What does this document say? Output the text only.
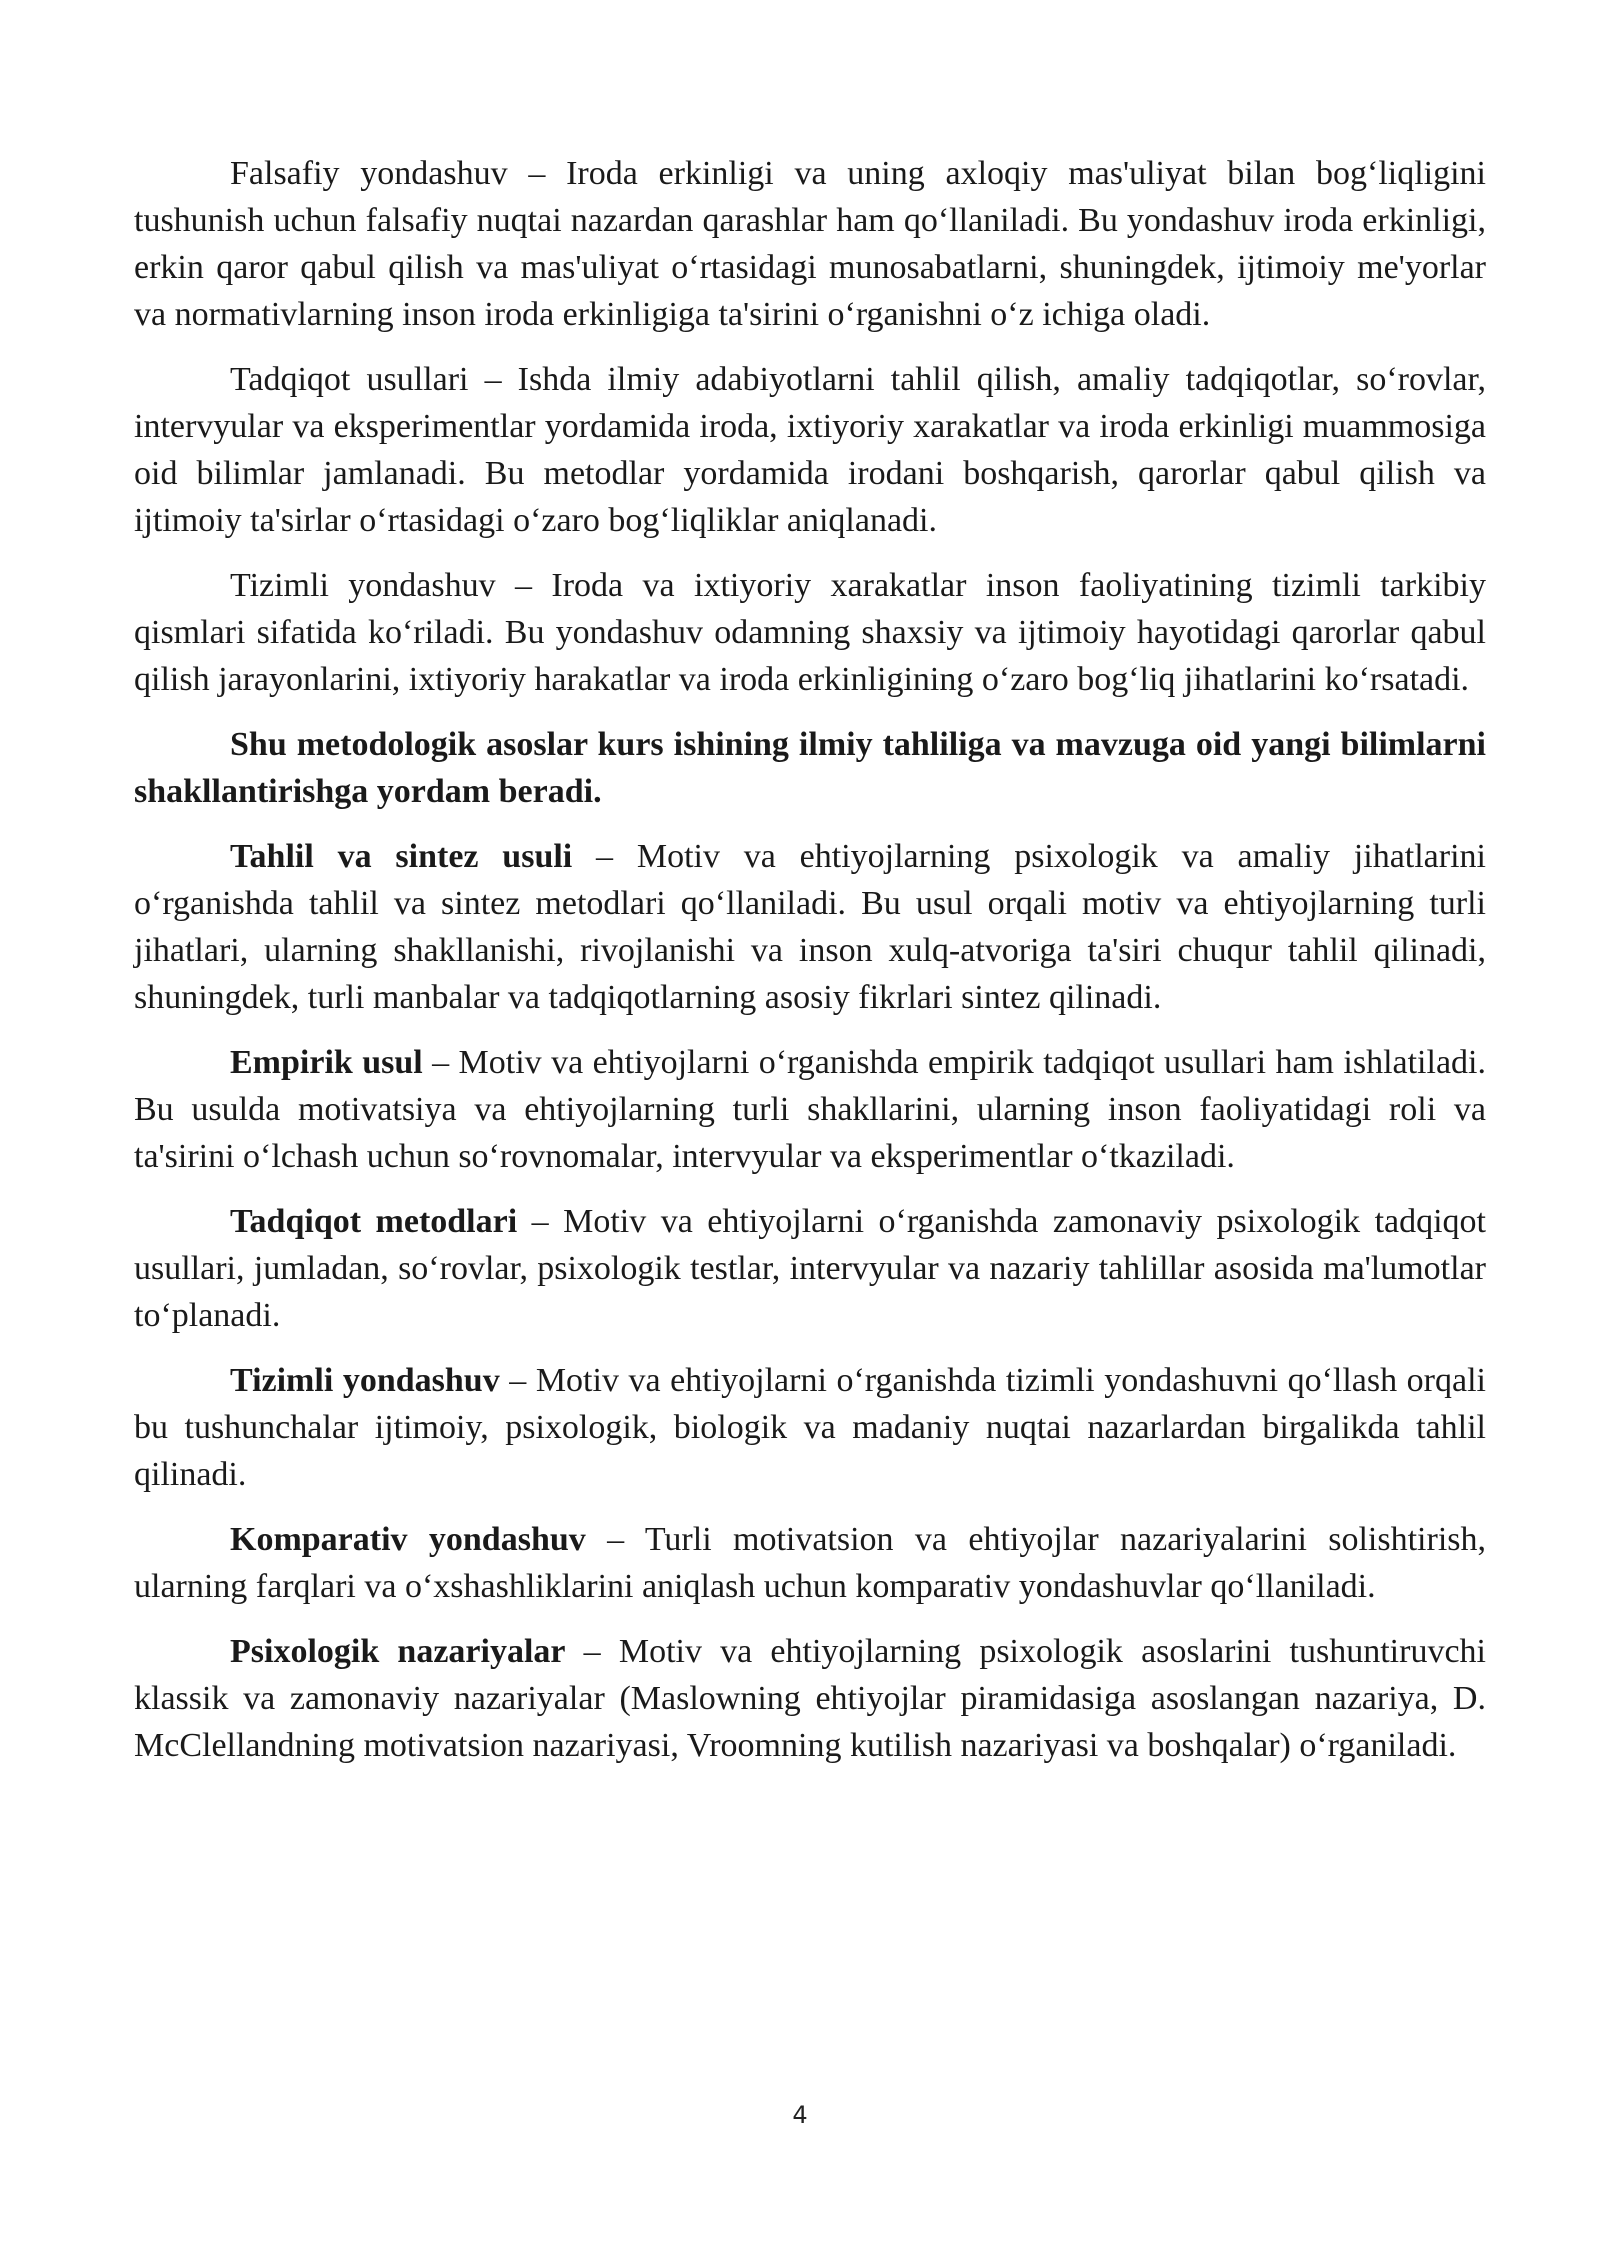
Falsafiy yondashuv – Iroda erkinligi va uning axloqiy mas'uliyat bilan bog‘liqligini tushunish uchun falsafiy nuqtai nazardan qarashlar ham qo‘llaniladi. Bu yondashuv iroda erkinligi, erkin qaror qabul qilish va mas'uliyat o‘rtasidagi munosabatlarni, shuningdek, ijtimoiy me'yorlar va normativlarning inson iroda erkinligiga ta'sirini o‘rganishni o‘z ichiga oladi.

Tadqiqot usullari – Ishda ilmiy adabiyotlarni tahlil qilish, amaliy tadqiqotlar, so‘rovlar, intervyular va eksperimentlar yordamida iroda, ixtiyoriy xarakatlar va iroda erkinligi muammosiga oid bilimlar jamlanadi. Bu metodlar yordamida irodani boshqarish, qarorlar qabul qilish va ijtimoiy ta'sirlar o‘rtasidagi o‘zaro bog‘liqliklar aniqlanadi.

Tizimli yondashuv – Iroda va ixtiyoriy xarakatlar inson faoliyatining tizimli tarkibiy qismlari sifatida ko‘riladi. Bu yondashuv odamning shaxsiy va ijtimoiy hayotidagi qarorlar qabul qilish jarayonlarini, ixtiyoriy harakatlar va iroda erkinligining o‘zaro bog‘liq jihatlarini ko‘rsatadi.

Shu metodologik asoslar kurs ishining ilmiy tahliliga va mavzuga oid yangi bilimlarni shakllantirishga yordam beradi.

Tahlil va sintez usuli – Motiv va ehtiyojlarning psixologik va amaliy jihatlarini o‘rganishda tahlil va sintez metodlari qo‘llaniladi. Bu usul orqali motiv va ehtiyojlarning turli jihatlari, ularning shakllanishi, rivojlanishi va inson xulq-atvoriga ta'siri chuqur tahlil qilinadi, shuningdek, turli manbalar va tadqiqotlarning asosiy fikrlari sintez qilinadi.

Empirik usul – Motiv va ehtiyojlarni o‘rganishda empirik tadqiqot usullari ham ishlatiladi. Bu usulda motivatsiya va ehtiyojlarning turli shakllarini, ularning inson faoliyatidagi roli va ta'sirini o‘lchash uchun so‘rovnomalar, intervyular va eksperimentlar o‘tkaziladi.

Tadqiqot metodlari – Motiv va ehtiyojlarni o‘rganishda zamonaviy psixologik tadqiqot usullari, jumladan, so‘rovlar, psixologik testlar, intervyular va nazariy tahlillar asosida ma'lumotlar to‘planadi.

Tizimli yondashuv – Motiv va ehtiyojlarni o‘rganishda tizimli yondashuvni qo‘llash orqali bu tushunchalar ijtimoiy, psixologik, biologik va madaniy nuqtai nazarlardan birgalikda tahlil qilinadi.

Komparativ yondashuv – Turli motivatsion va ehtiyojlar nazariyalarini solishtirish, ularning farqlari va o‘xshashliklarini aniqlash uchun komparativ yondashuvlar qo‘llaniladi.

Psixologik nazariyalar – Motiv va ehtiyojlarning psixologik asoslarini tushuntiruvchi klassik va zamonaviy nazariyalar (Maslowning ehtiyojlar piramidasiga asoslangan nazariya, D. McClellandning motivatsion nazariyasi, Vroomning kutilish nazariyasi va boshqalar) o‘rganiladi.

4
